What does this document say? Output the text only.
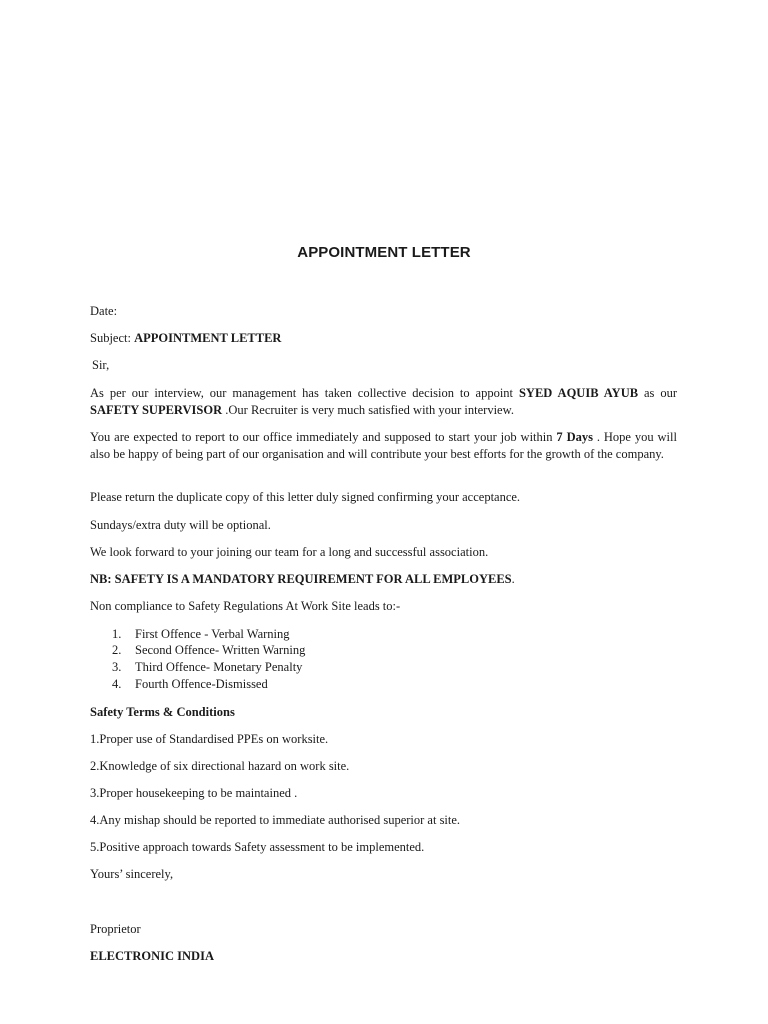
APPOINTMENT LETTER

Date:

Subject: APPOINTMENT LETTER

Sir,

As per our interview, our management has taken collective decision to appoint SYED AQUIB AYUB as our SAFETY SUPERVISOR .Our Recruiter is very much satisfied with your interview.

You are expected to report to our office immediately and supposed to start your job within 7 Days . Hope you will also be happy of being part of our organisation and will contribute your best efforts for the growth of the company.

Please return the duplicate copy of this letter duly signed confirming your acceptance.

Sundays/extra duty will be optional.

We look forward to your joining our team for a long and successful association.

NB: SAFETY IS A MANDATORY REQUIREMENT FOR ALL EMPLOYEES.

Non compliance to Safety Regulations At Work Site leads to:-

1. First Offence - Verbal Warning
2. Second Offence- Written Warning
3. Third Offence- Monetary Penalty
4. Fourth Offence-Dismissed

Safety Terms & Conditions

1.Proper use of Standardised PPEs on worksite.

2.Knowledge of six directional hazard on work site.

3.Proper housekeeping to be maintained .

4.Any mishap should be reported to immediate authorised superior at site.

5.Positive approach towards Safety assessment to be implemented.

Yours’ sincerely,

Proprietor

ELECTRONIC INDIA
